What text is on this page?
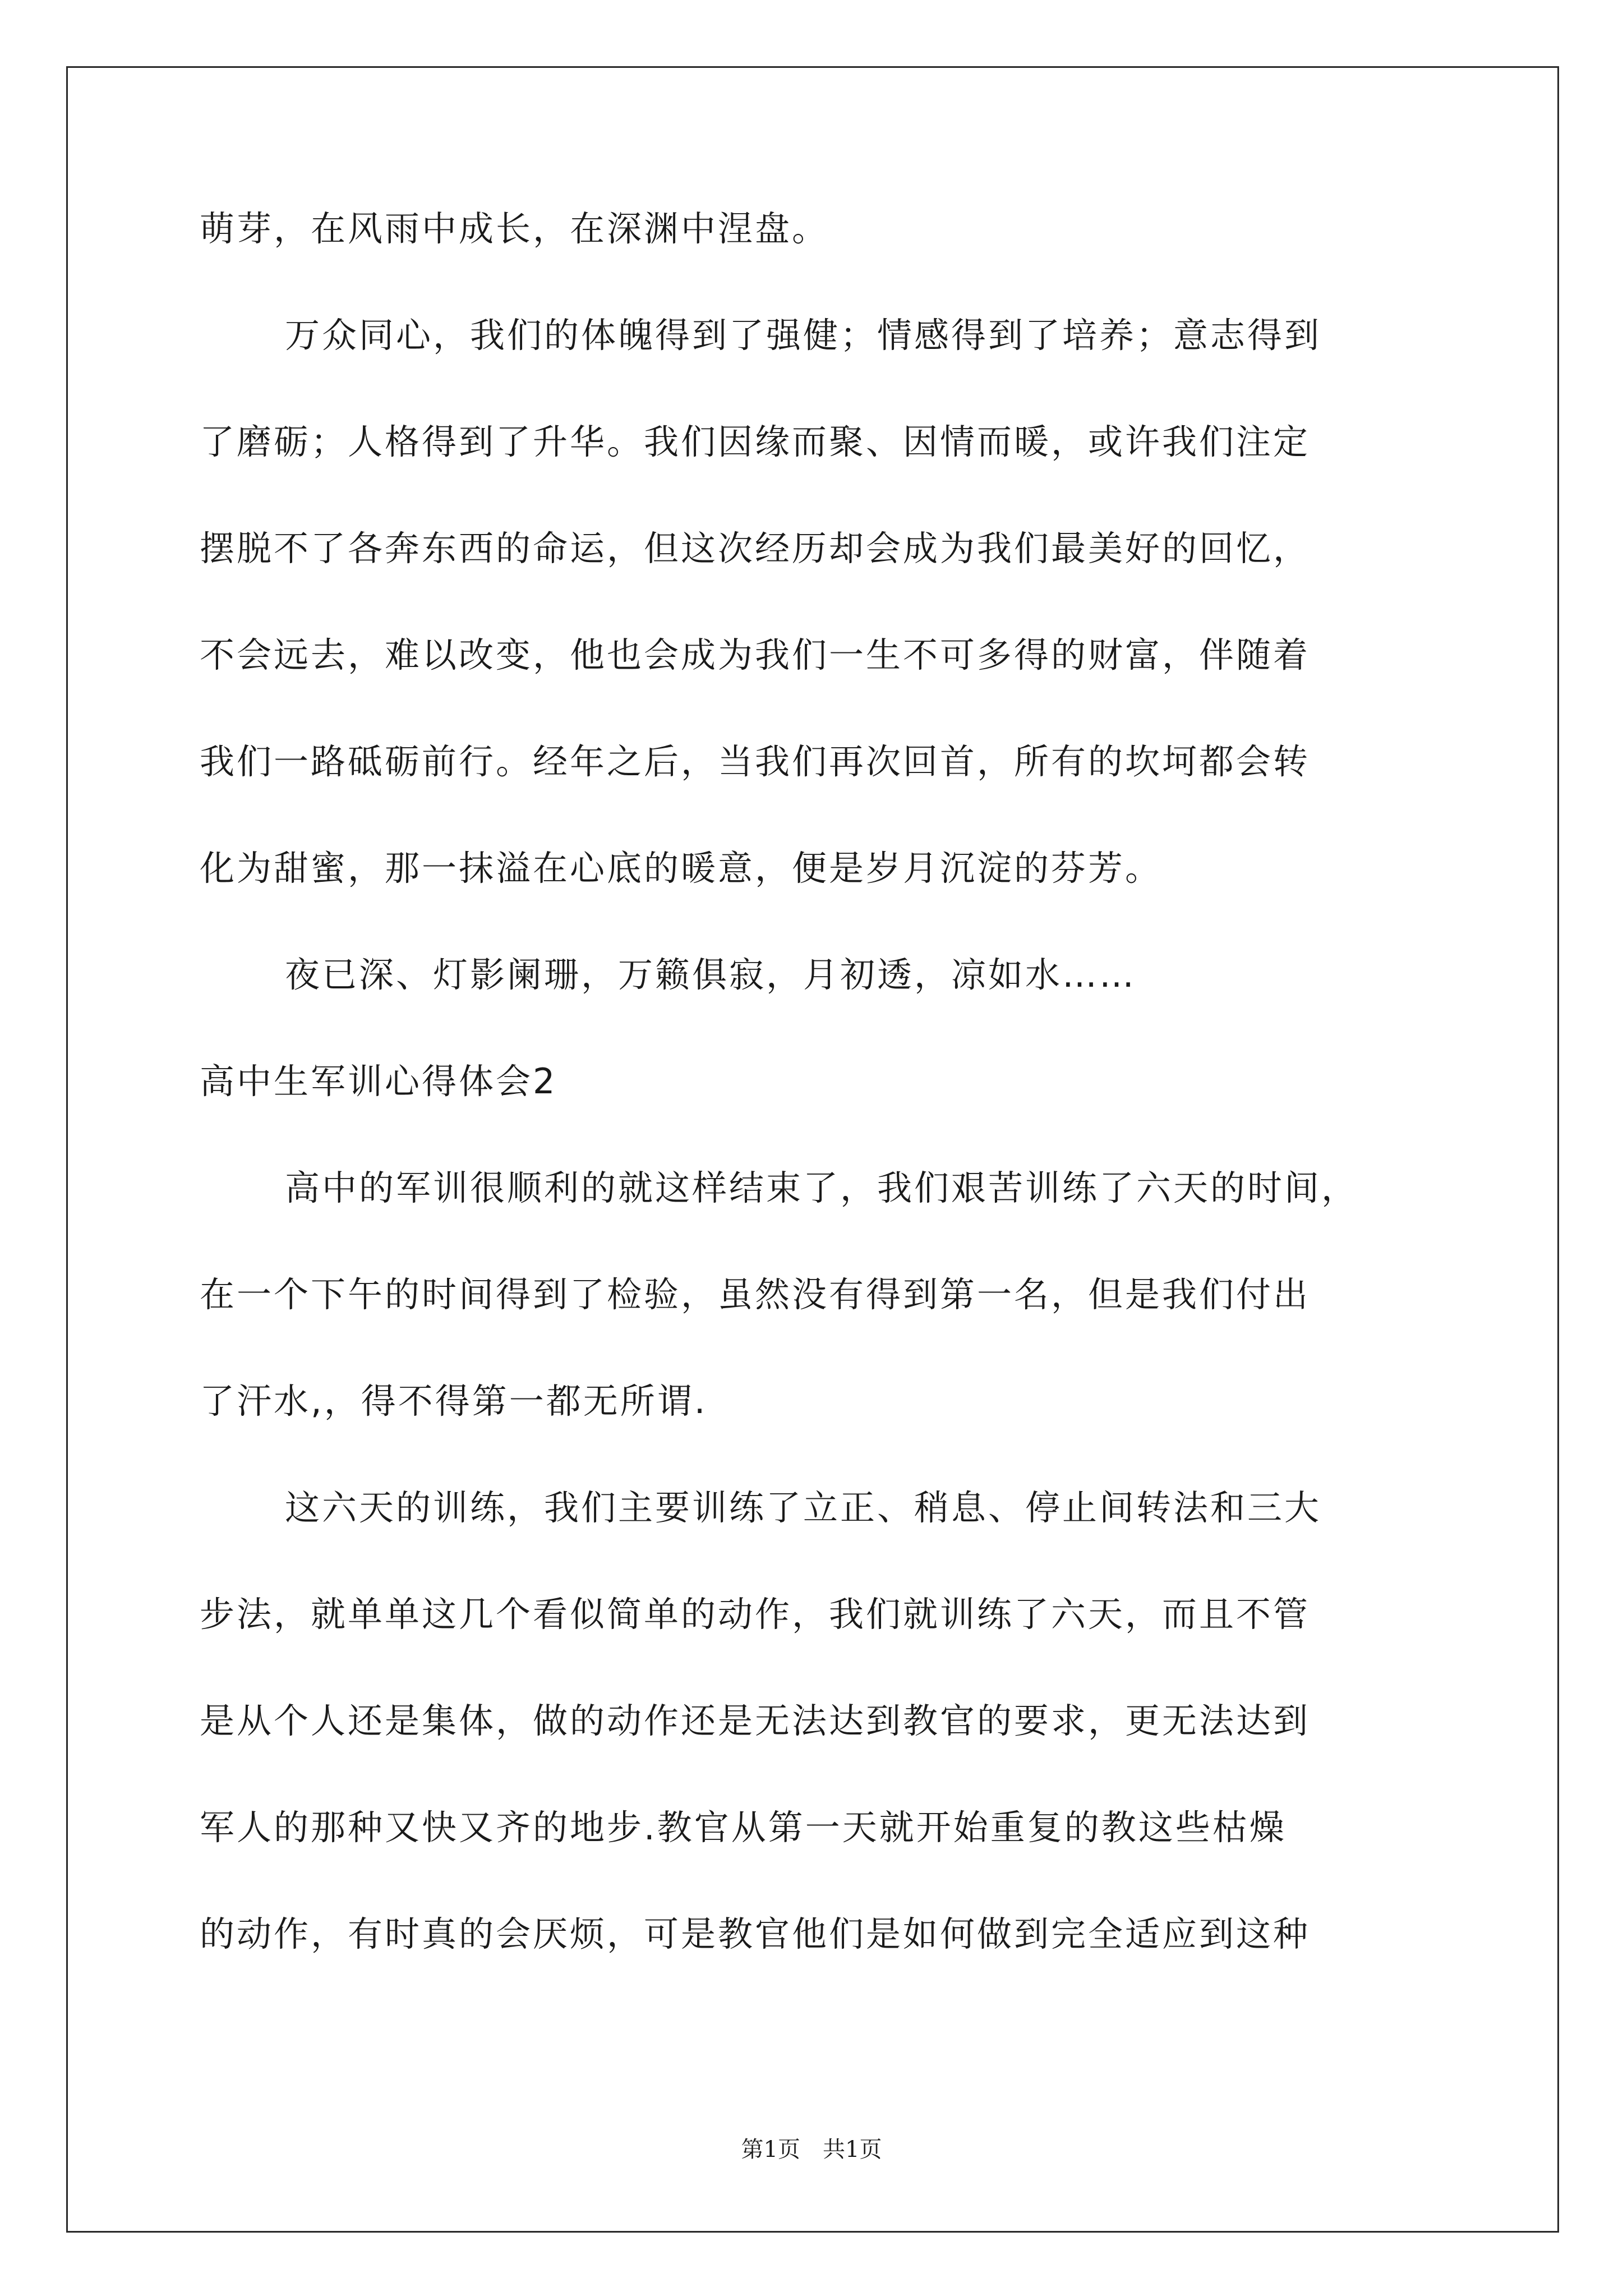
萌芽，在风雨中成长，在深渊中涅盘。
万众同心，我们的体魄得到了强健；情感得到了培养；意志得到
了磨砺；人格得到了升华。我们因缘而聚、因情而暖，或许我们注定
摆脱不了各奔东西的命运，但这次经历却会成为我们最美好的回忆，
不会远去，难以改变，他也会成为我们一生不可多得的财富，伴随着
我们一路砥砺前行。经年之后，当我们再次回首，所有的坎坷都会转
化为甜蜜，那一抹溢在心底的暖意，便是岁月沉淀的芬芳。
夜已深、灯影阑珊，万籁俱寂，月初透，凉如水……
高中生军训心得体会2
高中的军训很顺利的就这样结束了，我们艰苦训练了六天的时间，
在一个下午的时间得到了检验，虽然没有得到第一名，但是我们付出
了汗水,，得不得第一都无所谓.
这六天的训练，我们主要训练了立正、稍息、停止间转法和三大
步法，就单单这几个看似简单的动作，我们就训练了六天，而且不管
是从个人还是集体，做的动作还是无法达到教官的要求，更无法达到
军人的那种又快又齐的地步.教官从第一天就开始重复的教这些枯燥
的动作，有时真的会厌烦，可是教官他们是如何做到完全适应到这种
第1页　共1页
